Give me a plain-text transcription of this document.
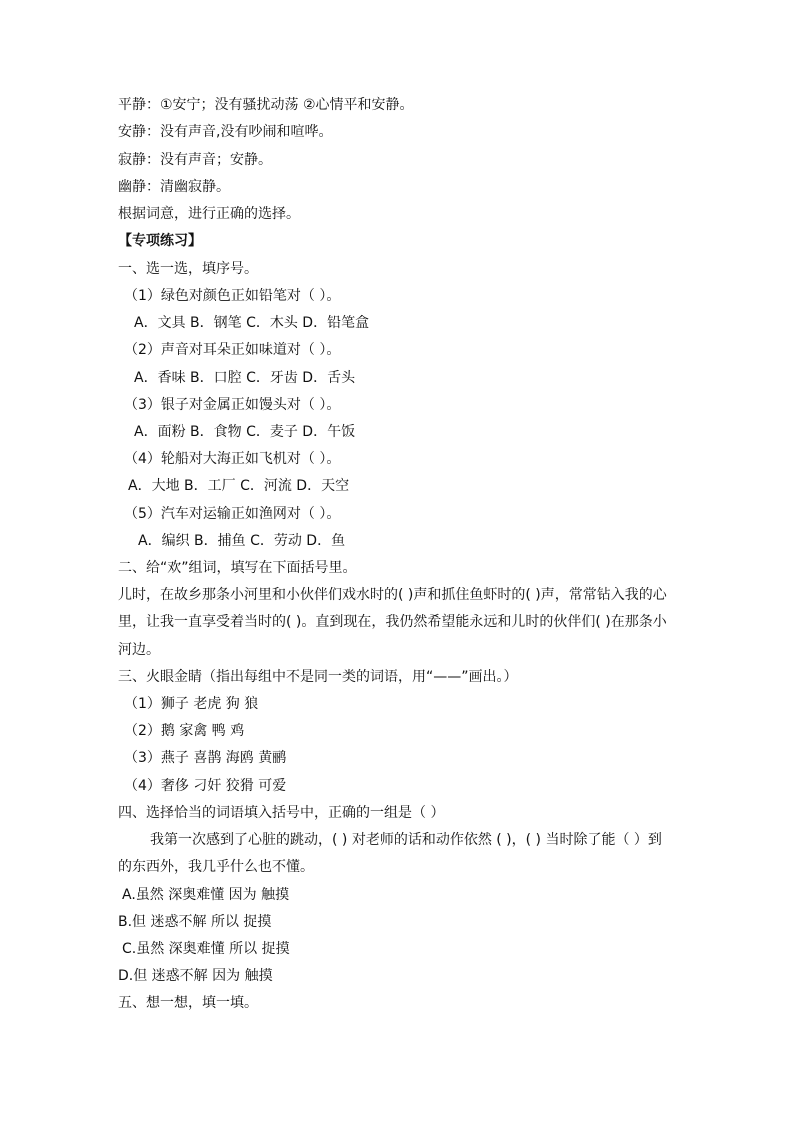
平静：①安宁；没有骚扰动荡 ②心情平和安静。
安静：没有声音,没有吵闹和喧哗。
寂静：没有声音；安静。
幽静：清幽寂静。
根据词意，进行正确的选择。
【专项练习】
一、选一选，填序号。
（1）绿色对颜色正如铅笔对（ ）。
A．文具 B．钢笔 C．木头 D．铅笔盒
（2）声音对耳朵正如味道对（ ）。
A．香味 B．口腔 C．牙齿 D．舌头
（3）银子对金属正如馒头对（ ）。
A．面粉 B．食物 C．麦子 D．午饭
（4）轮船对大海正如飞机对（ ）。
A．大地 B．工厂 C．河流 D．天空
（5）汽车对运输正如渔网对（ ）。
A．编织 B．捕鱼 C．劳动 D．鱼
二、给“欢”组词，填写在下面括号里。
儿时，在故乡那条小河里和小伙伴们戏水时的( )声和抓住鱼虾时的( )声，常常钻入我的心
里，让我一直享受着当时的( )。直到现在，我仍然希望能永远和儿时的伙伴们( )在那条小
河边。
三、火眼金睛（指出每组中不是同一类的词语，用“——”画出。）
（1）狮子 老虎 狗 狼
（2）鹅 家禽 鸭 鸡
（3）燕子 喜鹊 海鸥 黄鹂
（4）奢侈 刁奸 狡猾 可爱
四、选择恰当的词语填入括号中，正确的一组是（ ）
我第一次感到了心脏的跳动，( ) 对老师的话和动作依然 ( )，( ) 当时除了能（ ）到
的东西外，我几乎什么也不懂。
A.虽然 深奥难懂 因为 触摸
B.但 迷惑不解 所以 捉摸
C.虽然 深奥难懂 所以 捉摸
D.但 迷惑不解 因为 触摸
五、想一想，填一填。
